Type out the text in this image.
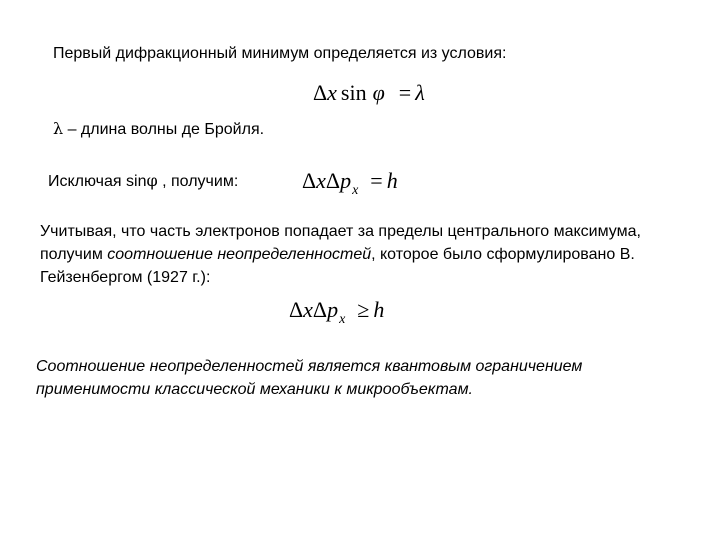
Первый дифракционный минимум определяется из условия:
Δx sin φ = λ
λ – длина волны де Бройля.
Исключая sinφ , получим:	ΔxΔp$_x$ = h
Учитывая, что часть электронов попадает за пределы центрального максимума, получим соотношение неопределенностей, которое было сформулировано В. Гейзенбергом (1927 г.):
ΔxΔp$_x$ ≥ h
Соотношение неопределенностей является квантовым ограничением применимости классической механики к микрообъектам.
